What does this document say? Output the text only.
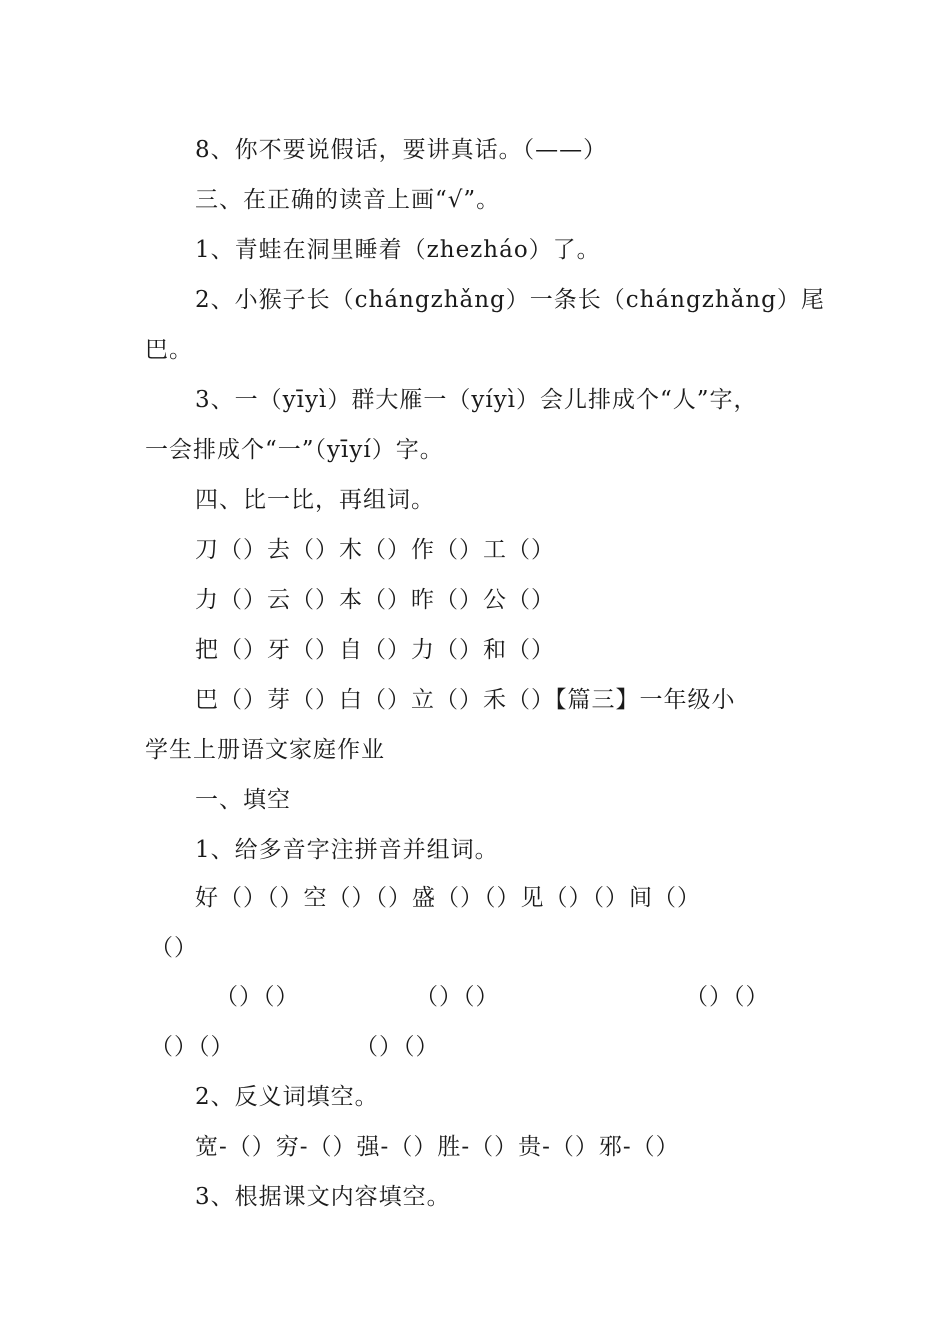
8、你不要说假话，要讲真话。（——）
三、在正确的读音上画“√”。
1、青蛙在洞里睡着（zhezháo）了。
2、小猴子长（chángzhǎng）一条长（chángzhǎng）尾
巴。
3、一（yīyì）群大雁一（yíyì）会儿排成个“人”字，
一会排成个“一”（yīyí）字。
四、比一比，再组词。
刀（）去（）木（）作（）工（）
力（）云（）本（）昨（）公（）
把（）牙（）自（）力（）和（）
巴（）芽（）白（）立（）禾（）【篇三】一年级小
学生上册语文家庭作业
一、填空
1、给多音字注拼音并组词。
好（）（）空（）（）盛（）（）见（）（）间（）
（）
（）（）	（）（）	（）（）
（）（）	（）（）
2、反义词填空。
宽-（）穷-（）强-（）胜-（）贵-（）邪-（）
3、根据课文内容填空。
